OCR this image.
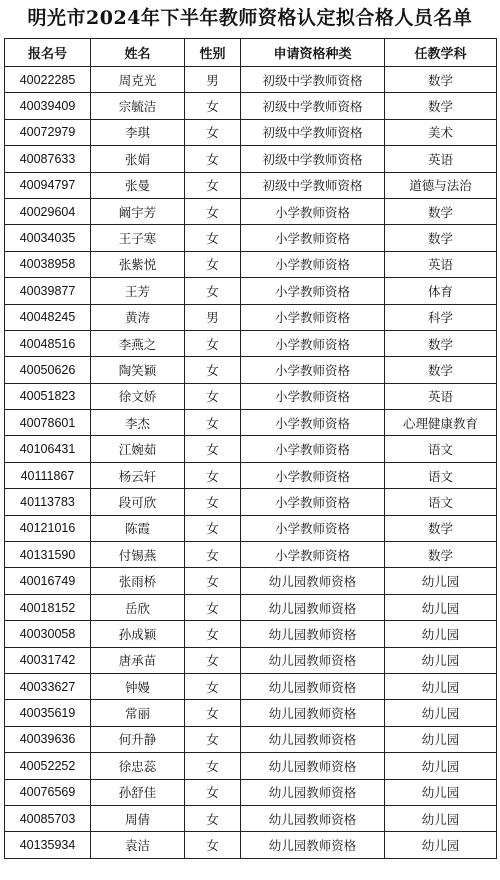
明光市2024年下半年教师资格认定拟合格人员名单
报名号	姓名	性别	申请资格种类	任教学科
40022285	周克光	男	初级中学教师资格	数学
40039409	宗毓洁	女	初级中学教师资格	数学
40072979	李琪	女	初级中学教师资格	美术
40087633	张娟	女	初级中学教师资格	英语
40094797	张曼	女	初级中学教师资格	道德与法治
40029604	阚宇芳	女	小学教师资格	数学
40034035	王子寒	女	小学教师资格	数学
40038958	张紫悦	女	小学教师资格	英语
40039877	王芳	女	小学教师资格	体育
40048245	黄涛	男	小学教师资格	科学
40048516	李燕之	女	小学教师资格	数学
40050626	陶笑颖	女	小学教师资格	数学
40051823	徐文娇	女	小学教师资格	英语
40078601	李杰	女	小学教师资格	心理健康教育
40106431	江婉茹	女	小学教师资格	语文
40111867	杨云轩	女	小学教师资格	语文
40113783	段可欣	女	小学教师资格	语文
40121016	陈霞	女	小学教师资格	数学
40131590	付锡燕	女	小学教师资格	数学
40016749	张雨桥	女	幼儿园教师资格	幼儿园
40018152	岳欣	女	幼儿园教师资格	幼儿园
40030058	孙成颖	女	幼儿园教师资格	幼儿园
40031742	唐承苗	女	幼儿园教师资格	幼儿园
40033627	钟嫚	女	幼儿园教师资格	幼儿园
40035619	常丽	女	幼儿园教师资格	幼儿园
40039636	何升静	女	幼儿园教师资格	幼儿园
40052252	徐忠蕊	女	幼儿园教师资格	幼儿园
40076569	孙舒佳	女	幼儿园教师资格	幼儿园
40085703	周倩	女	幼儿园教师资格	幼儿园
40135934	袁洁	女	幼儿园教师资格	幼儿园
